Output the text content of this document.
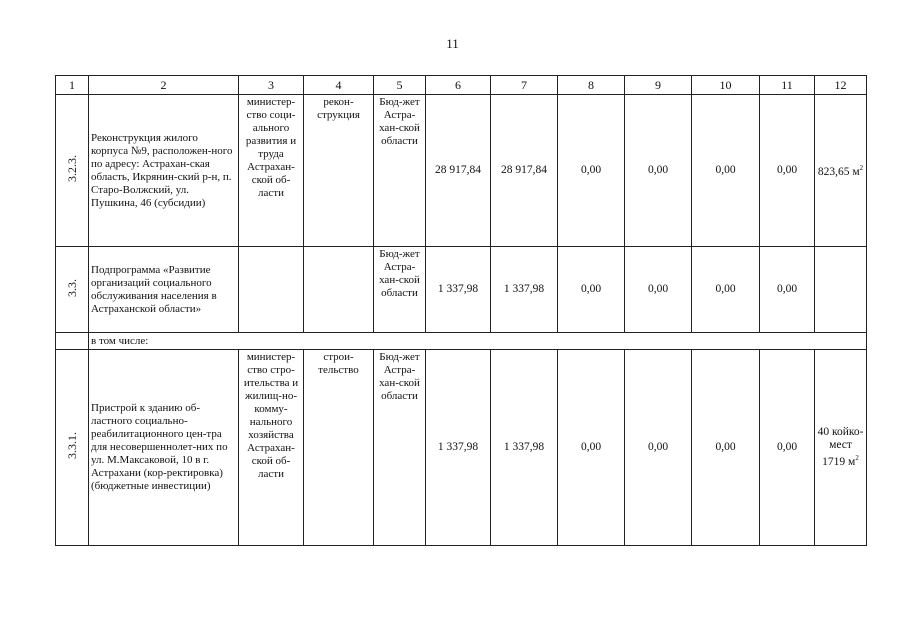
11
1	2	3	4	5	6	7	8	9	10	11	12
3.2.3.	Реконструкция жилого корпуса №9, расположен-ного по адресу: Астрахан-ская область, Икрянин-ский р-н, п. Старо-Волжский, ул. Пушкина, 46 (субсидии)	министер-ство соци-ального развития и труда Астрахан-ской об-ласти	рекон-струкция	Бюд-жет Астра-хан-ской области	28 917,84	28 917,84	0,00	0,00	0,00	0,00	823,65 $м^2$
3.3.	Подпрограмма «Развитие организаций социального обслуживания населения в Астраханской области»			Бюд-жет Астра-хан-ской области	1 337,98	1 337,98	0,00	0,00	0,00	0,00	
	в том числе:										
3.3.1.	Пристрой к зданию об-ластного социально-реабилитационного цен-тра для несовершеннолет-них по ул. М.Максаковой, 10 в г. Астрахани (кор-ректировка) (бюджетные инвестиции)	министер-ство стро-ительства и жилищ-но-комму-нального хозяйства Астрахан-ской об-ласти	строи-тельство	Бюд-жет Астра-хан-ской области	1 337,98	1 337,98	0,00	0,00	0,00	0,00	40 койко-мест 1719 $м^2$
